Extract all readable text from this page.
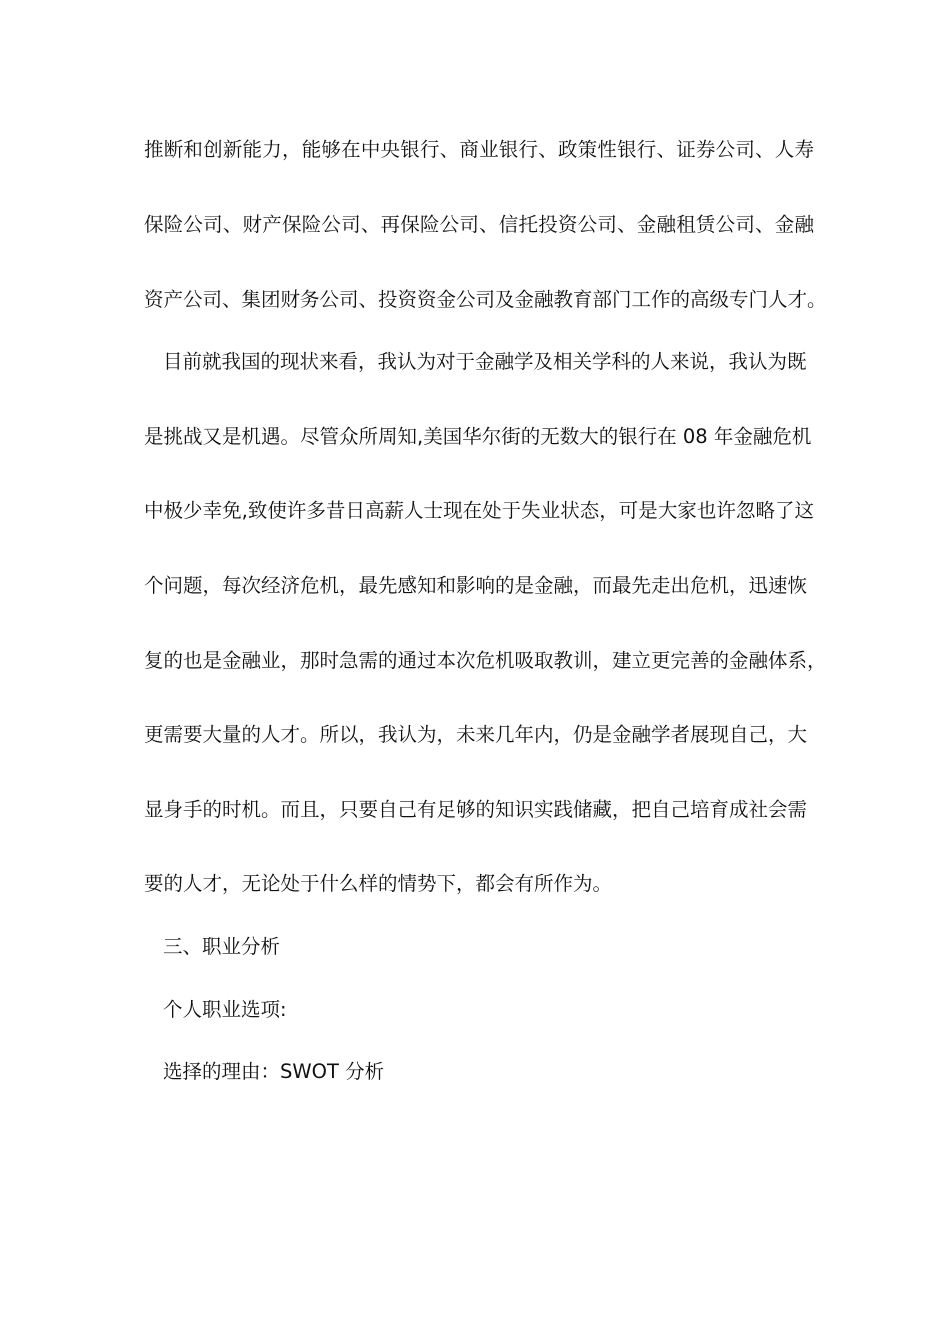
推断和创新能力，能够在中央银行、商业银行、政策性银行、证券公司、人寿
保险公司、财产保险公司、再保险公司、信托投资公司、金融租赁公司、金融
资产公司、集团财务公司、投资资金公司及金融教育部门工作的高级专门人才。
目前就我国的现状来看，我认为对于金融学及相关学科的人来说，我认为既
是挑战又是机遇。尽管众所周知,美国华尔街的无数大的银行在 08 年金融危机
中极少幸免,致使许多昔日高薪人士现在处于失业状态，可是大家也许忽略了这
个问题，每次经济危机，最先感知和影响的是金融，而最先走出危机，迅速恢
复的也是金融业，那时急需的通过本次危机吸取教训，建立更完善的金融体系，
更需要大量的人才。所以，我认为，未来几年内，仍是金融学者展现自己，大
显身手的时机。而且，只要自己有足够的知识实践储藏，把自己培育成社会需
要的人才，无论处于什么样的情势下，都会有所作为。
三、职业分析
个人职业选项:
选择的理由：SWOT 分析
